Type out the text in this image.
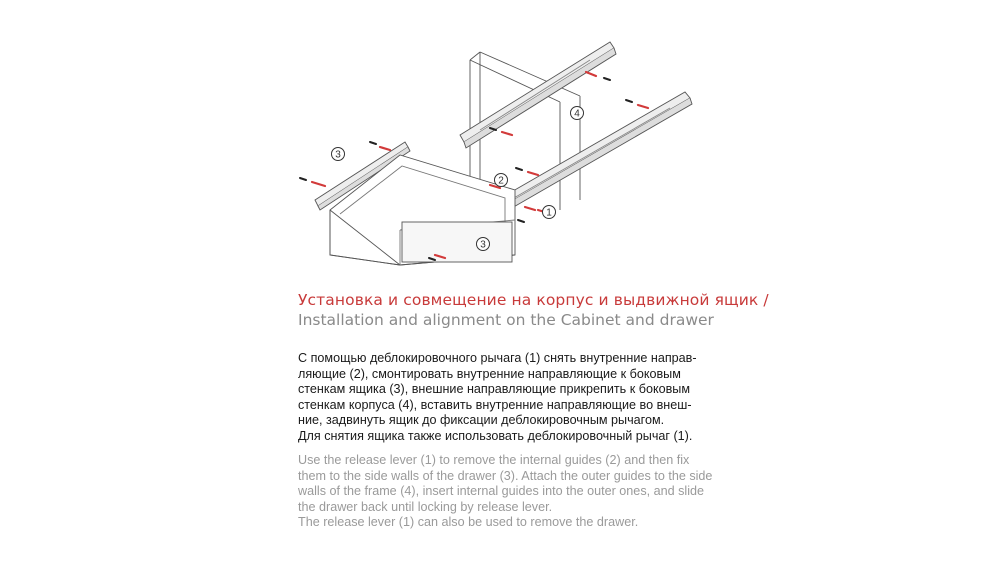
1
2
3
3
4
Установка и совмещение на корпус и выдвижной ящик /
Installation and alignment on the Cabinet and drawer
С помощью деблокировочного рычага (1) снять внутренние направ-
ляющие (2), смонтировать внутренние направляющие к боковым
стенкам ящика (3), внешние направляющие прикрепить к боковым
стенкам корпуса (4), вставить внутренние направляющие во внеш-
ние, задвинуть ящик до фиксации деблокировочным рычагом.
Для снятия ящика также использовать деблокировочный рычаг (1).
Use the release lever (1) to remove the internal guides (2) and then fix
them to the side walls of the drawer (3). Attach the outer guides to the side
walls of the frame (4), insert internal guides into the outer ones, and slide
the drawer back until locking by release lever.
The release lever (1) can also be used to remove the drawer.
